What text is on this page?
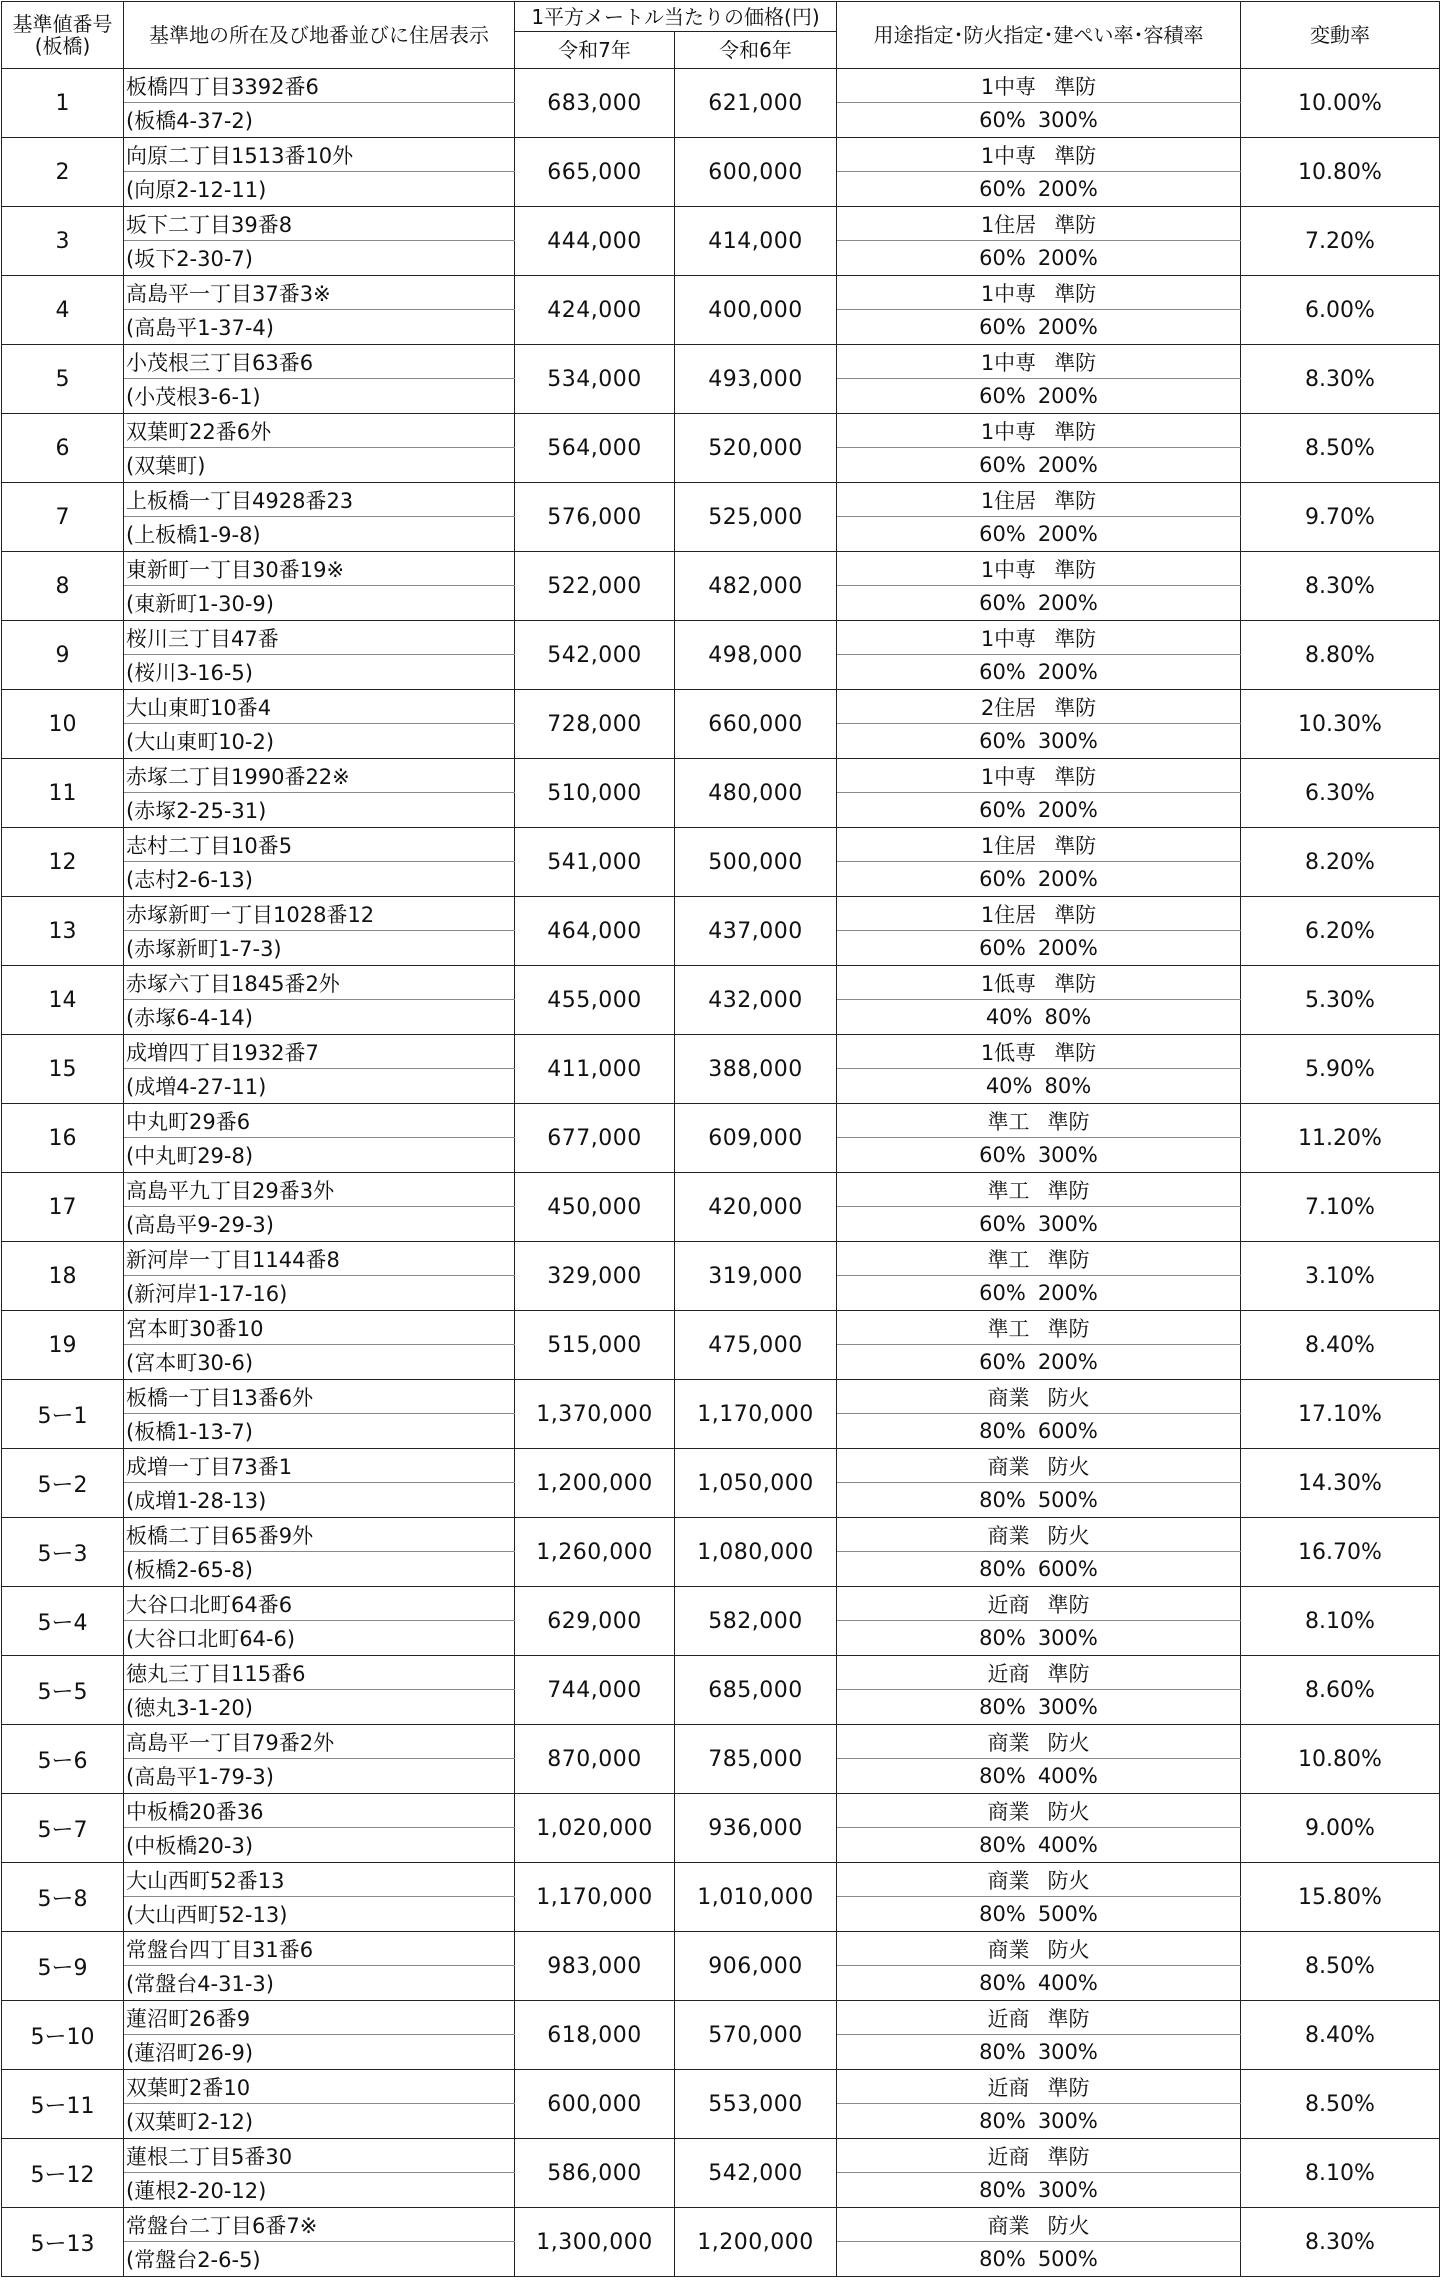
基準値番号
(板橋)	基準地の所在及び地番並びに住居表示	1平方メートル当たりの価格(円)		用途指定･防火指定･建ぺい率･容積率	変動率
		令和7年	令和6年		
1	板橋四丁目3392番6	683,000	621,000	1中専 準防	10.00%
	(板橋4-37-2)			60% 300%	
2	向原二丁目1513番10外	665,000	600,000	1中専 準防	10.80%
	(向原2-12-11)			60% 200%	
3	坂下二丁目39番8	444,000	414,000	1住居 準防	7.20%
	(坂下2-30-7)			60% 200%	
4	高島平一丁目37番3※	424,000	400,000	1中専 準防	6.00%
	(高島平1-37-4)			60% 200%	
5	小茂根三丁目63番6	534,000	493,000	1中専 準防	8.30%
	(小茂根3-6-1)			60% 200%	
6	双葉町22番6外	564,000	520,000	1中専 準防	8.50%
	(双葉町)			60% 200%	
7	上板橋一丁目4928番23	576,000	525,000	1住居 準防	9.70%
	(上板橋1-9-8)			60% 200%	
8	東新町一丁目30番19※	522,000	482,000	1中専 準防	8.30%
	(東新町1-30-9)			60% 200%	
9	桜川三丁目47番	542,000	498,000	1中専 準防	8.80%
	(桜川3-16-5)			60% 200%	
10	大山東町10番4	728,000	660,000	2住居 準防	10.30%
	(大山東町10-2)			60% 300%	
11	赤塚二丁目1990番22※	510,000	480,000	1中専 準防	6.30%
	(赤塚2-25-31)			60% 200%	
12	志村二丁目10番5	541,000	500,000	1住居 準防	8.20%
	(志村2-6-13)			60% 200%	
13	赤塚新町一丁目1028番12	464,000	437,000	1住居 準防	6.20%
	(赤塚新町1-7-3)			60% 200%	
14	赤塚六丁目1845番2外	455,000	432,000	1低専 準防	5.30%
	(赤塚6-4-14)			40% 80%	
15	成増四丁目1932番7	411,000	388,000	1低専 準防	5.90%
	(成増4-27-11)			40% 80%	
16	中丸町29番6	677,000	609,000	準工 準防	11.20%
	(中丸町29-8)			60% 300%	
17	高島平九丁目29番3外	450,000	420,000	準工 準防	7.10%
	(高島平9-29-3)			60% 300%	
18	新河岸一丁目1144番8	329,000	319,000	準工 準防	3.10%
	(新河岸1-17-16)			60% 200%	
19	宮本町30番10	515,000	475,000	準工 準防	8.40%
	(宮本町30-6)			60% 200%	
5ー1	板橋一丁目13番6外	1,370,000	1,170,000	商業 防火	17.10%
	(板橋1-13-7)			80% 600%	
5ー2	成増一丁目73番1	1,200,000	1,050,000	商業 防火	14.30%
	(成増1-28-13)			80% 500%	
5ー3	板橋二丁目65番9外	1,260,000	1,080,000	商業 防火	16.70%
	(板橋2-65-8)			80% 600%	
5ー4	大谷口北町64番6	629,000	582,000	近商 準防	8.10%
	(大谷口北町64-6)			80% 300%	
5ー5	徳丸三丁目115番6	744,000	685,000	近商 準防	8.60%
	(徳丸3-1-20)			80% 300%	
5ー6	高島平一丁目79番2外	870,000	785,000	商業 防火	10.80%
	(高島平1-79-3)			80% 400%	
5ー7	中板橋20番36	1,020,000	936,000	商業 防火	9.00%
	(中板橋20-3)			80% 400%	
5ー8	大山西町52番13	1,170,000	1,010,000	商業 防火	15.80%
	(大山西町52-13)			80% 500%	
5ー9	常盤台四丁目31番6	983,000	906,000	商業 防火	8.50%
	(常盤台4-31-3)			80% 400%	
5ー10	蓮沼町26番9	618,000	570,000	近商 準防	8.40%
	(蓮沼町26-9)			80% 300%	
5ー11	双葉町2番10	600,000	553,000	近商 準防	8.50%
	(双葉町2-12)			80% 300%	
5ー12	蓮根二丁目5番30	586,000	542,000	近商 準防	8.10%
	(蓮根2-20-12)			80% 300%	
5ー13	常盤台二丁目6番7※	1,300,000	1,200,000	商業 防火	8.30%
	(常盤台2-6-5)			80% 500%	
